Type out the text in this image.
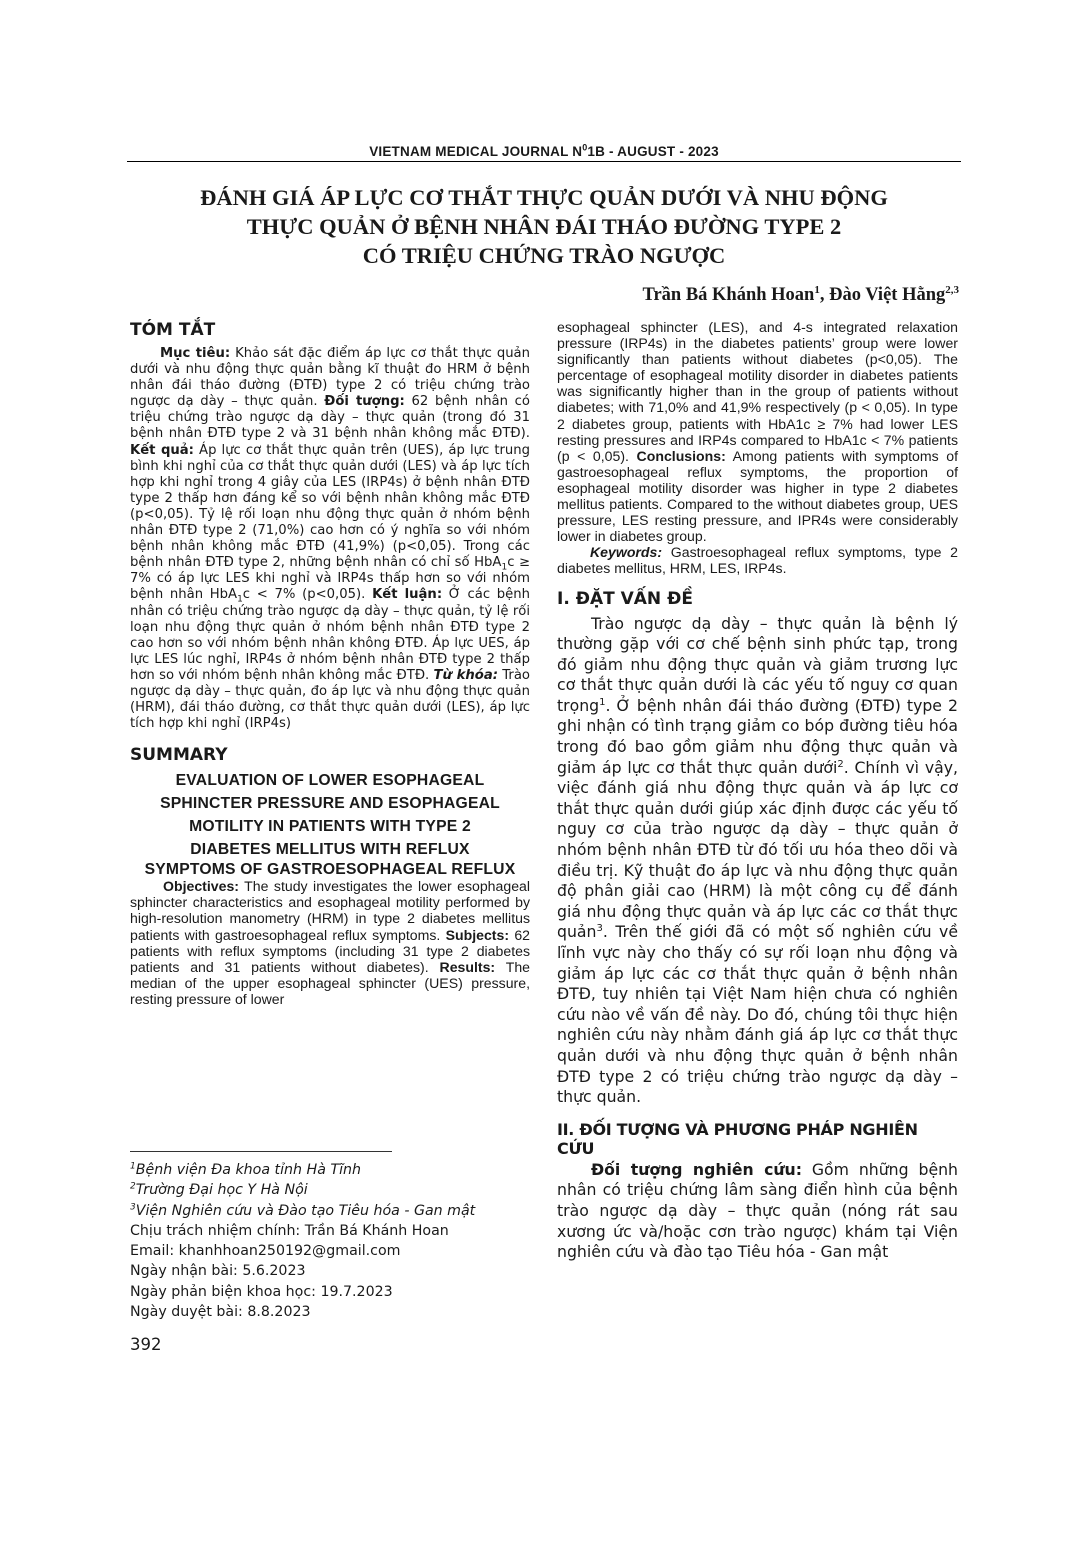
VIETNAM MEDICAL JOURNAL $N^01B$ - AUGUST - 2023
ĐÁNH GIÁ ÁP LỰC CƠ THẮT THỰC QUẢN DƯỚI VÀ NHU ĐỘNG
THỰC QUẢN Ở BỆNH NHÂN ĐÁI THÁO ĐƯỜNG TYPE 2
CÓ TRIỆU CHỨNG TRÀO NGƯỢC
Trần Bá Khánh Hoan$^1$, Đào Việt Hằng$^{2,3}$
TÓM TẮT

Mục tiêu: Khảo sát đặc điểm áp lực cơ thắt thực quản dưới và nhu động thực quản bằng kĩ thuật đo HRM ở bệnh nhân đái tháo đường (ĐTĐ) type 2 có triệu chứng trào ngược dạ dày – thực quản. Đối tượng: 62 bệnh nhân có triệu chứng trào ngược dạ dày – thực quản (trong đó 31 bệnh nhân ĐTĐ type 2 và 31 bệnh nhân không mắc ĐTĐ). Kết quả: Áp lực cơ thắt thực quản trên (UES), áp lực trung bình khi nghỉ của cơ thắt thực quản dưới (LES) và áp lực tích hợp khi nghỉ trong 4 giây của LES (IRP4s) ở bệnh nhân ĐTĐ type 2 thấp hơn đáng kể so với bệnh nhân không mắc ĐTĐ (p<0,05). Tỷ lệ rối loạn nhu động thực quản ở nhóm bệnh nhân ĐTĐ type 2 (71,0%) cao hơn có ý nghĩa so với nhóm bệnh nhân không mắc ĐTĐ (41,9%) (p<0,05). Trong các bệnh nhân ĐTĐ type 2, những bệnh nhân có chỉ số HbA$_1$c ≥ 7% có áp lực LES khi nghỉ và IRP4s thấp hơn so với nhóm bệnh nhân HbA$_1$c < 7% (p<0,05). Kết luận: Ở các bệnh nhân có triệu chứng trào ngược dạ dày – thực quản, tỷ lệ rối loạn nhu động thực quản ở nhóm bệnh nhân ĐTĐ type 2 cao hơn so với nhóm bệnh nhân không ĐTĐ. Áp lực UES, áp lực LES lúc nghỉ, IRP4s ở nhóm bệnh nhân ĐTĐ type 2 thấp hơn so với nhóm bệnh nhân không mắc ĐTĐ. Từ khóa: Trào ngược dạ dày – thực quản, đo áp lực và nhu động thực quản (HRM), đái tháo đường, cơ thắt thực quản dưới (LES), áp lực tích hợp khi nghỉ (IRP4s)

SUMMARY
EVALUATION OF LOWER ESOPHAGEAL
SPHINCTER PRESSURE AND ESOPHAGEAL
MOTILITY IN PATIENTS WITH TYPE 2
DIABETES MELLITUS WITH REFLUX
SYMPTOMS OF GASTROESOPHAGEAL REFLUX

Objectives: The study investigates the lower esophageal sphincter characteristics and esophageal motility performed by high-resolution manometry (HRM) in type 2 diabetes mellitus patients with gastroesophageal reflux symptoms. Subjects: 62 patients with reflux symptoms (including 31 type 2 diabetes patients and 31 patients without diabetes). Results: The median of the upper esophageal sphincter (UES) pressure, resting pressure of lower

$^1$Bệnh viện Đa khoa tỉnh Hà Tĩnh
$^2$Trường Đại học Y Hà Nội
$^3$Viện Nghiên cứu và Đào tạo Tiêu hóa - Gan mật
Chịu trách nhiệm chính: Trần Bá Khánh Hoan
Email: khanhhoan250192@gmail.com
Ngày nhận bài: 5.6.2023
Ngày phản biện khoa học: 19.7.2023
Ngày duyệt bài: 8.8.2023
392

esophageal sphincter (LES), and 4-s integrated relaxation pressure (IRP4s) in the diabetes patients’ group were lower significantly than patients without diabetes (p<0,05). The percentage of esophageal motility disorder in diabetes patients was significantly higher than in the group of patients without diabetes; with 71,0% and 41,9% respectively (p < 0,05). In type 2 diabetes group, patients with HbA1c ≥ 7% had lower LES resting pressures and IRP4s compared to HbA1c < 7% patients (p < 0,05). Conclusions: Among patients with symptoms of gastroesophageal reflux symptoms, the proportion of esophageal motility disorder was higher in type 2 diabetes mellitus patients. Compared to the without diabetes group, UES pressure, LES resting pressure, and IPR4s were considerably lower in diabetes group.

Keywords: Gastroesophageal reflux symptoms, type 2 diabetes mellitus, HRM, LES, IRP4s.

I. ĐẶT VẤN ĐỀ

Trào ngược dạ dày – thực quản là bệnh lý thường gặp với cơ chế bệnh sinh phức tạp, trong đó giảm nhu động thực quản và giảm trương lực cơ thắt thực quản dưới là các yếu tố nguy cơ quan trọng$^1$. Ở bệnh nhân đái tháo đường (ĐTĐ) type 2 ghi nhận có tình trạng giảm co bóp đường tiêu hóa trong đó bao gồm giảm nhu động thực quản và giảm áp lực cơ thắt thực quản dưới$^2$. Chính vì vậy, việc đánh giá nhu động thực quản và áp lực cơ thắt thực quản dưới giúp xác định được các yếu tố nguy cơ của trào ngược dạ dày – thực quản ở nhóm bệnh nhân ĐTĐ từ đó tối ưu hóa theo dõi và điều trị. Kỹ thuật đo áp lực và nhu động thực quản độ phân giải cao (HRM) là một công cụ để đánh giá nhu động thực quản và áp lực các cơ thắt thực quản$^3$. Trên thế giới đã có một số nghiên cứu về lĩnh vực này cho thấy có sự rối loạn nhu động và giảm áp lực các cơ thắt thực quản ở bệnh nhân ĐTĐ, tuy nhiên tại Việt Nam hiện chưa có nghiên cứu nào về vấn đề này. Do đó, chúng tôi thực hiện nghiên cứu này nhằm đánh giá áp lực cơ thắt thực quản dưới và nhu động thực quản ở bệnh nhân ĐTĐ type 2 có triệu chứng trào ngược dạ dày – thực quản.

II. ĐỐI TƯỢNG VÀ PHƯƠNG PHÁP NGHIÊN CỨU

Đối tượng nghiên cứu: Gồm những bệnh nhân có triệu chứng lâm sàng điển hình của bệnh trào ngược dạ dày – thực quản (nóng rát sau xương ức và/hoặc cơn trào ngược) khám tại Viện nghiên cứu và đào tạo Tiêu hóa - Gan mật
